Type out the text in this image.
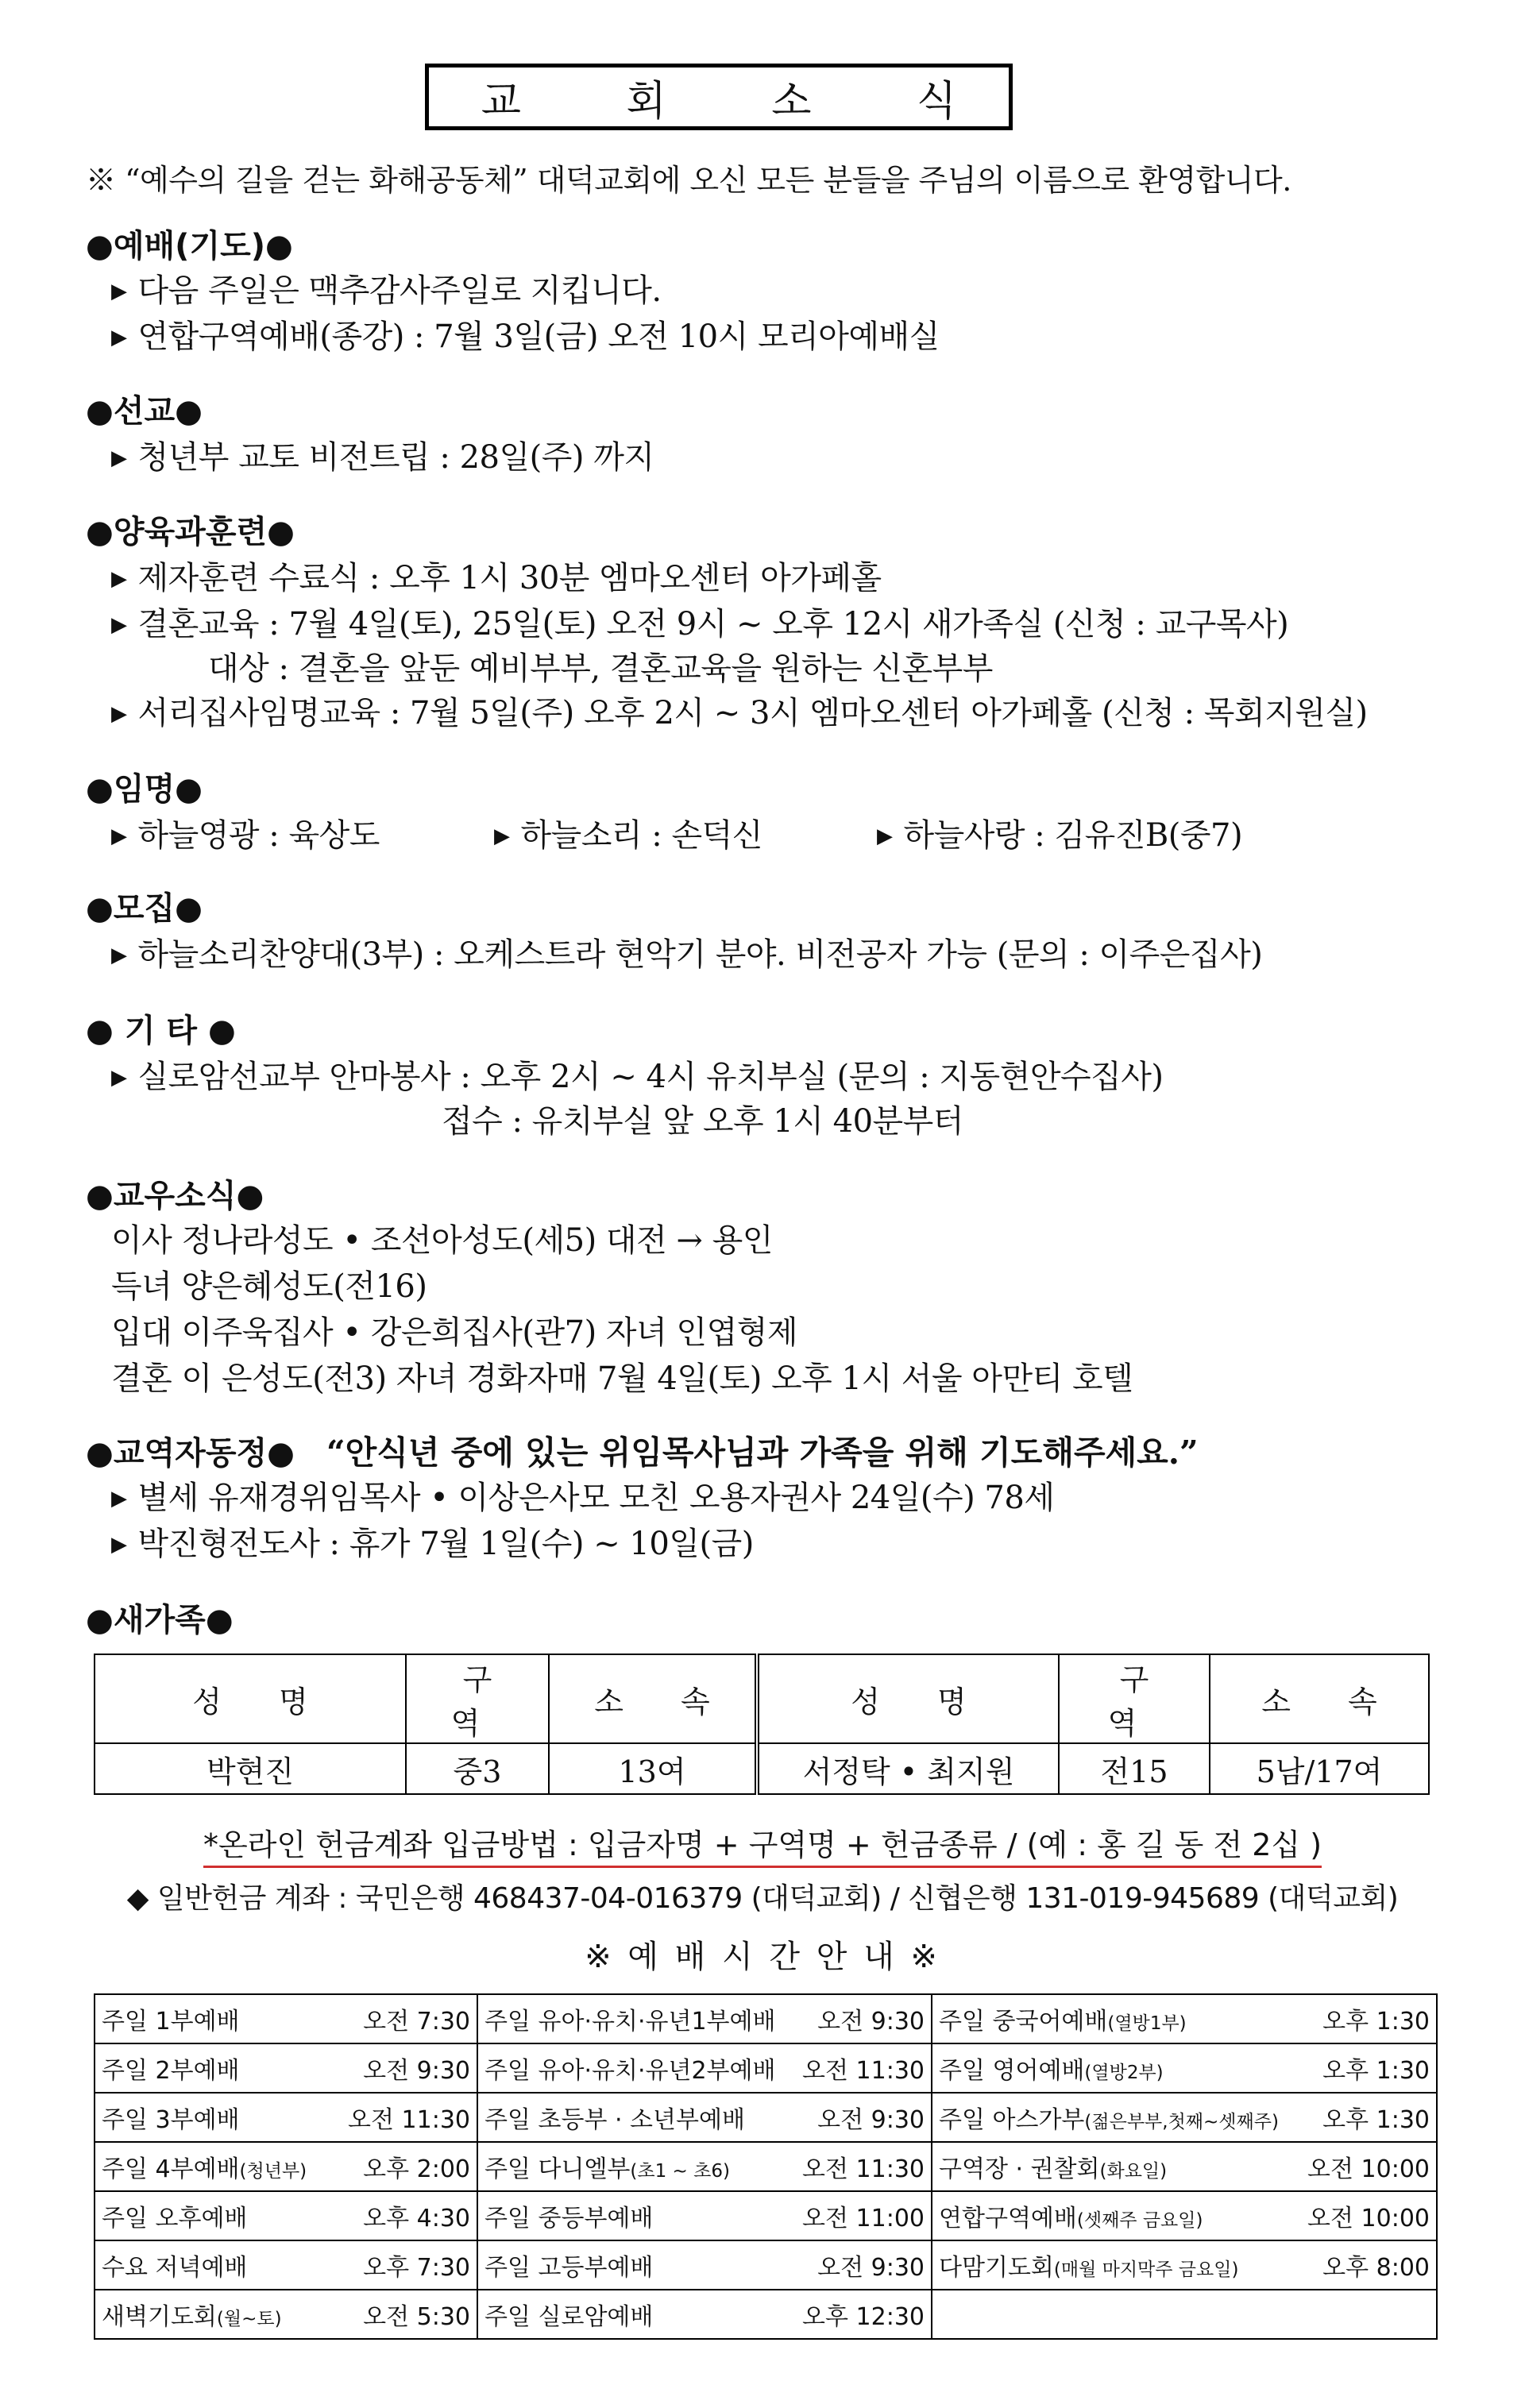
교 회 소 식
※ “예수의 길을 걷는 화해공동체” 대덕교회에 오신 모든 분들을 주님의 이름으로 환영합니다.
●예배(기도)●
▶ 다음 주일은 맥추감사주일로 지킵니다.
▶ 연합구역예배(종강) : 7월 3일(금) 오전 10시 모리아예배실
●선교●
▶ 청년부 교토 비전트립 : 28일(주) 까지
●양육과훈련●
▶ 제자훈련 수료식 : 오후 1시 30분 엠마오센터 아가페홀
▶ 결혼교육 : 7월 4일(토), 25일(토) 오전 9시 ~ 오후 12시 새가족실 (신청 : 교구목사)
대상 : 결혼을 앞둔 예비부부, 결혼교육을 원하는 신혼부부
▶ 서리집사임명교육 : 7월 5일(주) 오후 2시 ~ 3시 엠마오센터 아가페홀 (신청 : 목회지원실)
●임명●
▶ 하늘영광 : 육상도	▶ 하늘소리 : 손덕신	▶ 하늘사랑 : 김유진B(중7)
●모집●
▶ 하늘소리찬양대(3부) : 오케스트라 현악기 분야. 비전공자 가능 (문의 : 이주은집사)
● 기 타 ●
▶ 실로암선교부 안마봉사 : 오후 2시 ~ 4시 유치부실 (문의 : 지동현안수집사)
접수 : 유치부실 앞 오후 1시 40분부터
●교우소식●
이사 정나라성도 • 조선아성도(세5) 대전 → 용인
득녀 양은혜성도(전16)
입대 이주욱집사 • 강은희집사(관7) 자녀 인엽형제
결혼 이 은성도(전3) 자녀 경화자매 7월 4일(토) 오후 1시 서울 아만티 호텔
●교역자동정● “안식년 중에 있는 위임목사님과 가족을 위해 기도해주세요.”
▶ 별세 유재경위임목사 • 이상은사모 모친 오용자권사 24일(수) 78세
▶ 박진형전도사 : 휴가 7월 1일(수) ~ 10일(금)
●새가족●
성 명	구 역	소 속	성 명	구 역	소 속
박현진	중3	13여	서정탁 • 최지원	전15	5남/17여
*온라인 헌금계좌 입금방법 : 입금자명 + 구역명 + 헌금종류 / (예 : 홍 길 동 전 2십 )
◆ 일반헌금 계좌 : 국민은행 468437-04-016379 (대덕교회) / 신협은행 131-019-945689 (대덕교회)
※ 예 배 시 간 안 내 ※
주일 1부예배 오전 7:30	주일 유아·유치·유년1부예배 오전 9:30	주일 중국어예배(열방1부) 오후 1:30

주일 2부예배 오전 9:30	주일 유아·유치·유년2부예배 오전 11:30	주일 영어예배(열방2부) 오후 1:30

주일 3부예배 오전 11:30	주일 초등부 · 소년부예배 오전 9:30	주일 아스가부(젊은부부,첫째~셋째주) 오후 1:30

주일 4부예배(청년부) 오후 2:00	주일 다니엘부(초1 ~ 초6) 오전 11:30	구역장 · 권찰회(화요일) 오전 10:00

주일 오후예배 오후 4:30	주일 중등부예배 오전 11:00	연합구역예배(셋째주 금요일) 오전 10:00

수요 저녁예배 오후 7:30	주일 고등부예배 오전 9:30	다맘기도회(매월 마지막주 금요일) 오후 8:00

새벽기도회(월~토) 오전 5:30	주일 실로암예배 오후 12:30	
